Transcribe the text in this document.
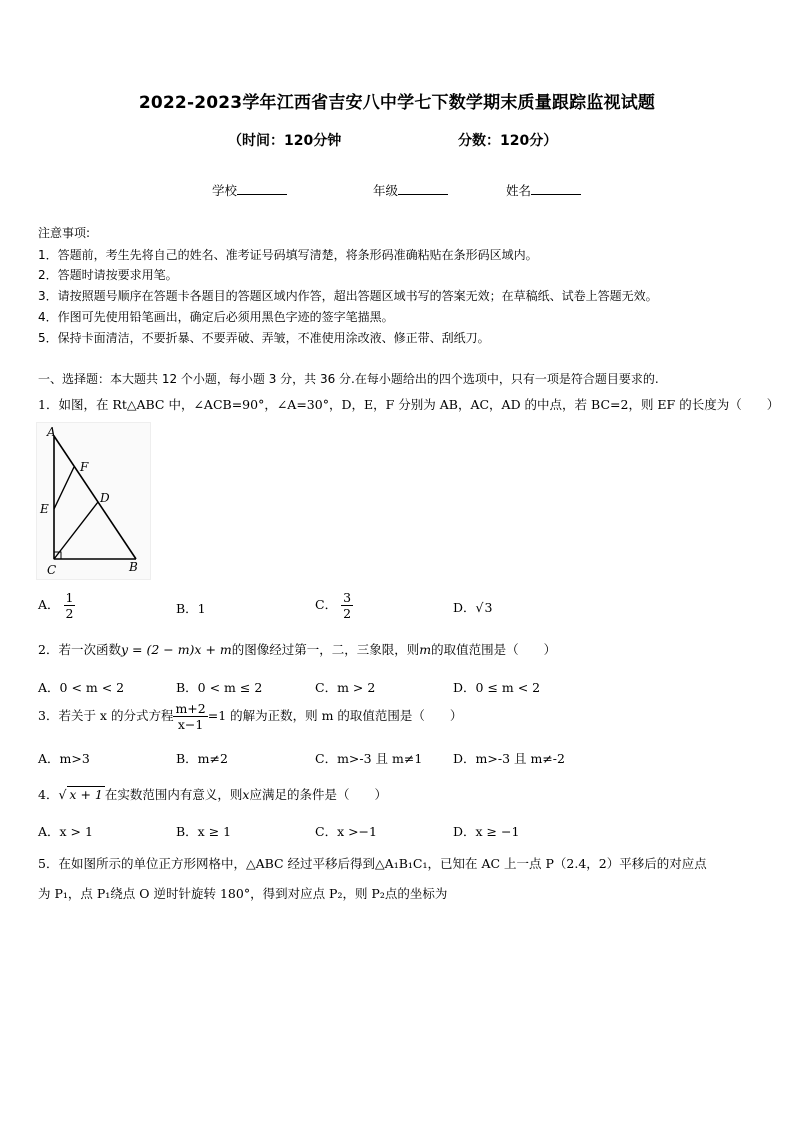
2022-2023学年江西省吉安八中学七下数学期末质量跟踪监视试题
（时间：120分钟	分数：120分）
学校	年级	姓名
注意事项:
1．答题前，考生先将自己的姓名、准考证号码填写清楚，将条形码准确粘贴在条形码区域内。
2．答题时请按要求用笔。
3．请按照题号顺序在答题卡各题目的答题区域内作答，超出答题区域书写的答案无效；在草稿纸、试卷上答题无效。
4．作图可先使用铅笔画出，确定后必须用黑色字迹的签字笔描黑。
5．保持卡面清洁，不要折暴、不要弄破、弄皱，不准使用涂改液、修正带、刮纸刀。
一、选择题：本大题共 12 个小题，每小题 3 分，共 36 分.在每小题给出的四个选项中，只有一项是符合题目要求的.
1．如图，在 Rt△ABC 中，∠ACB=90°，∠A=30°，D，E，F 分别为 AB，AC，AD 的中点，若 BC=2，则 EF 的长度为（　　）
A
F
D
E
C	B
A． $\frac{1}{2}$	B．1	C． $\frac{3}{2}$	D．√3
2．若一次函数y = (2 − m)x + m的图像经过第一，二，三象限，则m的取值范围是（　　）
A．0 < m < 2	B．0 < m ≤ 2	C．m > 2	D．0 ≤ m < 2
3．若关于 x 的分式方程 $\frac{m+2}{x-1} =1$ 的解为正数，则 m 的取值范围是（　　）
A．m>3	B．m≠2	C．m>-3 且 m≠1 D．m>-3 且 m≠-2
4．√ x + 1 在实数范围内有意义，则x应满足的条件是（　　）
A．x > 1	B．x ≥ 1	C．x >−1	D．x ≥ −1
5．在如图所示的单位正方形网格中，△ABC 经过平移后得到△A₁B₁C₁，已知在 AC 上一点 P（2.4，2）平移后的对应点
为 P₁，点 P₁绕点 O 逆时针旋转 180°，得到对应点 P₂，则 P₂点的坐标为
